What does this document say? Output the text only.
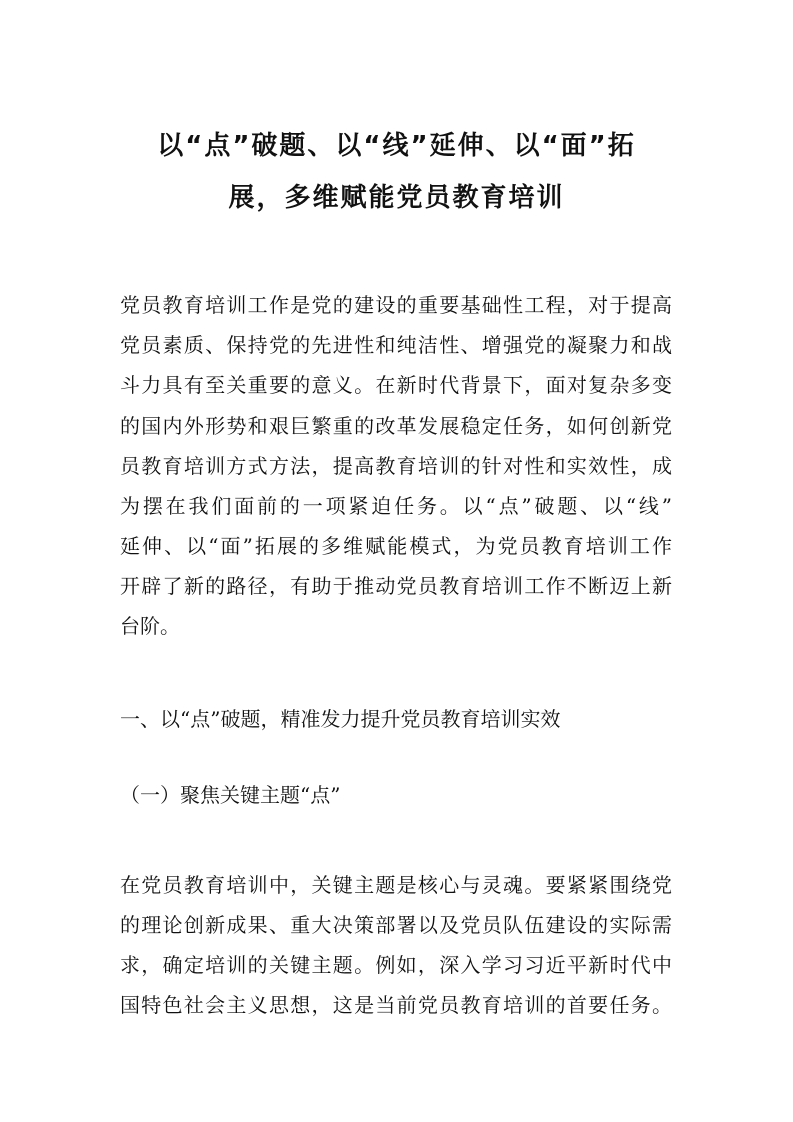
以“点”破题、以“线”延伸、以“面”拓
展，多维赋能党员教育培训
党员教育培训工作是党的建设的重要基础性工程，对于提高
党员素质、保持党的先进性和纯洁性、增强党的凝聚力和战
斗力具有至关重要的意义。在新时代背景下，面对复杂多变
的国内外形势和艰巨繁重的改革发展稳定任务，如何创新党
员教育培训方式方法，提高教育培训的针对性和实效性，成
为摆在我们面前的一项紧迫任务。以“点”破题、以“线”
延伸、以“面”拓展的多维赋能模式，为党员教育培训工作
开辟了新的路径，有助于推动党员教育培训工作不断迈上新
台阶。
一、以“点”破题，精准发力提升党员教育培训实效
（一）聚焦关键主题“点”
在党员教育培训中，关键主题是核心与灵魂。要紧紧围绕党
的理论创新成果、重大决策部署以及党员队伍建设的实际需
求，确定培训的关键主题。例如，深入学习习近平新时代中
国特色社会主义思想，这是当前党员教育培训的首要任务。
